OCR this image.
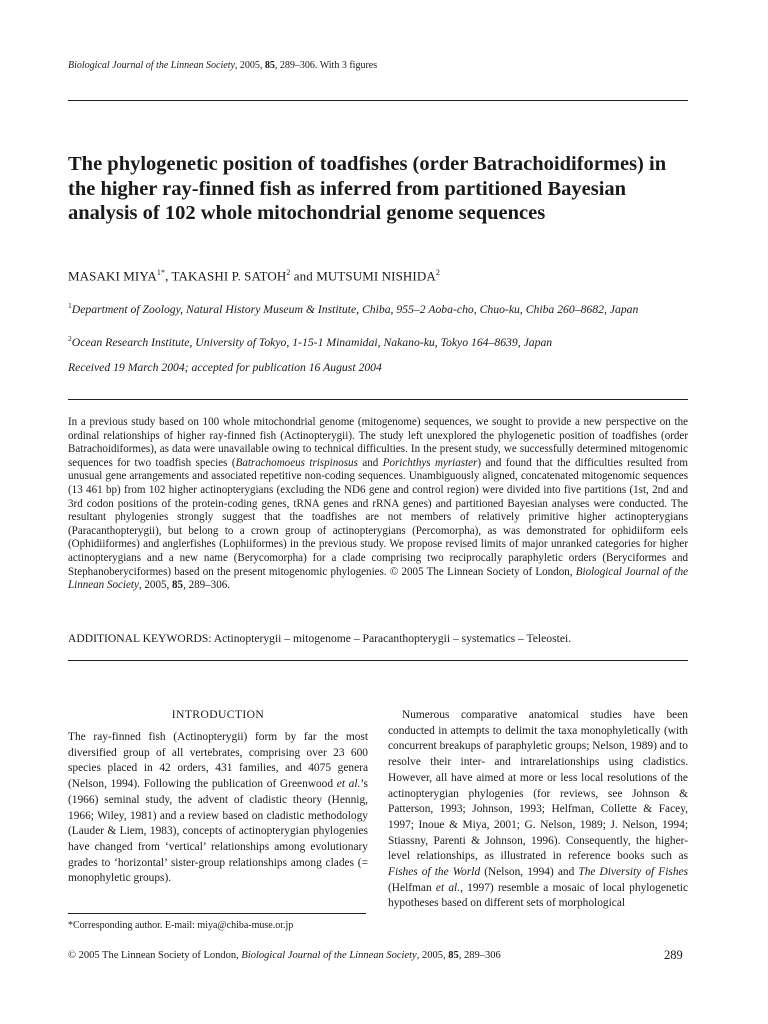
Biological Journal of the Linnean Society, 2005, 85, 289–306. With 3 figures
The phylogenetic position of toadfishes (order Batrachoidiformes) in the higher ray-finned fish as inferred from partitioned Bayesian analysis of 102 whole mitochondrial genome sequences
MASAKI $MIYA^{1*}$, TAKASHI P. SATOH$^2$ and MUTSUMI NISHIDA$^2$
$^1$Department of Zoology, Natural History Museum & Institute, Chiba, 955–2 Aoba-cho, Chuo-ku, Chiba 260–8682, Japan
$^2$Ocean Research Institute, University of Tokyo, 1-15-1 Minamidai, Nakano-ku, Tokyo 164–8639, Japan
Received 19 March 2004; accepted for publication 16 August 2004
In a previous study based on 100 whole mitochondrial genome (mitogenome) sequences, we sought to provide a new perspective on the ordinal relationships of higher ray-finned fish (Actinopterygii). The study left unexplored the phylogenetic position of toadfishes (order Batrachoidiformes), as data were unavailable owing to technical difficulties. In the present study, we successfully determined mitogenomic sequences for two toadfish species (Batrachomoeus trispinosus and Porichthys myriaster) and found that the difficulties resulted from unusual gene arrangements and associated repetitive non-coding sequences. Unambiguously aligned, concatenated mitogenomic sequences (13 461 bp) from 102 higher actinopterygians (excluding the ND6 gene and control region) were divided into five partitions (1st, 2nd and 3rd codon positions of the protein-coding genes, tRNA genes and rRNA genes) and partitioned Bayesian analyses were conducted. The resultant phylogenies strongly suggest that the toadfishes are not members of relatively primitive higher actinopterygians (Paracanthopterygii), but belong to a crown group of actinopterygians (Percomorpha), as was demonstrated for ophidiiform eels (Ophidiiformes) and anglerfishes (Lophiiformes) in the previous study. We propose revised limits of major unranked categories for higher actinopterygians and a new name (Berycomorpha) for a clade comprising two reciprocally paraphyletic orders (Beryciformes and Stephanoberyciformes) based on the present mitogenomic phylogenies. © 2005 The Linnean Society of London, Biological Journal of the Linnean Society, 2005, 85, 289–306.
ADDITIONAL KEYWORDS: Actinopterygii – mitogenome – Paracanthopterygii – systematics – Teleostei.
INTRODUCTION
The ray-finned fish (Actinopterygii) form by far the most diversified group of all vertebrates, comprising over 23 600 species placed in 42 orders, 431 families, and 4075 genera (Nelson, 1994). Following the publication of Greenwood et al.’s (1966) seminal study, the advent of cladistic theory (Hennig, 1966; Wiley, 1981) and a review based on cladistic methodology (Lauder & Liem, 1983), concepts of actinopterygian phylogenies have changed from ‘vertical’ relationships among evolutionary grades to ‘horizontal’ sister-group relationships among clades (= monophyletic groups).
Numerous comparative anatomical studies have been conducted in attempts to delimit the taxa monophyletically (with concurrent breakups of paraphyletic groups; Nelson, 1989) and to resolve their inter- and intrarelationships using cladistics. However, all have aimed at more or less local resolutions of the actinopterygian phylogenies (for reviews, see Johnson & Patterson, 1993; Johnson, 1993; Helfman, Collette & Facey, 1997; Inoue & Miya, 2001; G. Nelson, 1989; J. Nelson, 1994; Stiassny, Parenti & Johnson, 1996). Consequently, the higher-level relationships, as illustrated in reference books such as Fishes of the World (Nelson, 1994) and The Diversity of Fishes (Helfman et al., 1997) resemble a mosaic of local phylogenetic hypotheses based on different sets of morphological
*Corresponding author. E-mail: miya@chiba-muse.or.jp
© 2005 The Linnean Society of London, Biological Journal of the Linnean Society, 2005, 85, 289–306	289
